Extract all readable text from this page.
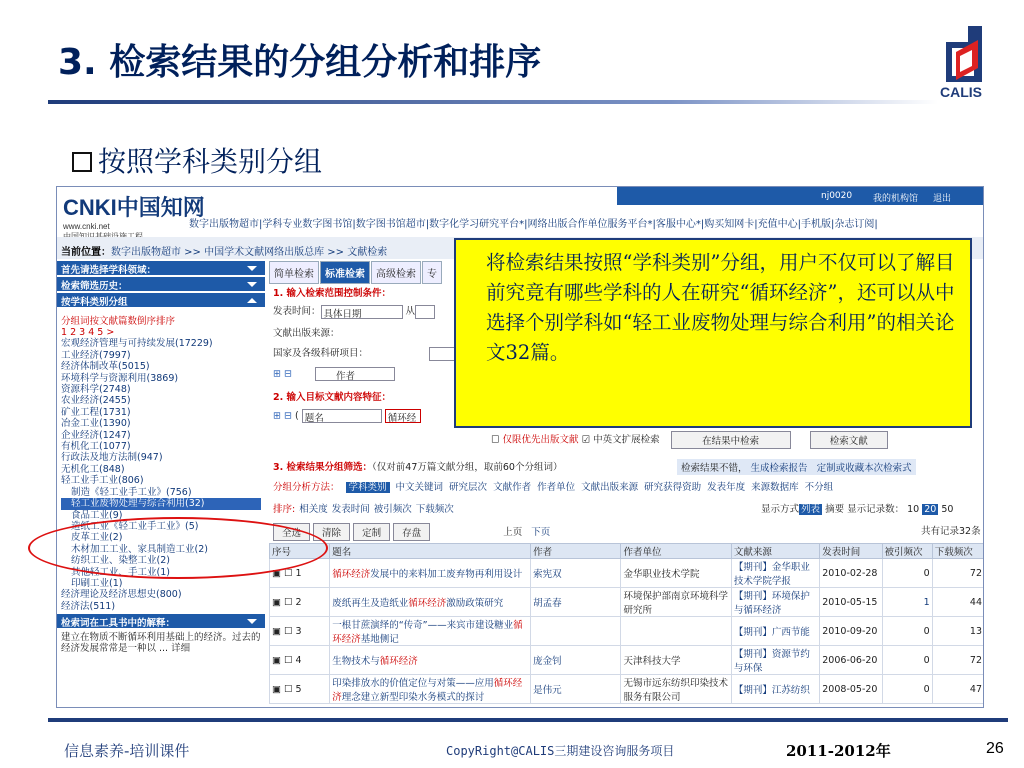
3. 检索结果的分组分析和排序
CALIS
按照学科类别分组
CNKI中国知网
www.cnki.net
nj0020 我的机构馆 退出
数字出版物超市|学科专业数字图书馆|数字图书馆超市|数字化学习研究平台*|网络出版合作单位服务平台*|客服中心*|购买知网卡|充值中心|手机版|杂志订阅|
当前位置：数字出版物超市 >> 中国学术文献网络出版总库 >> 文献检索
首先请选择学科领域：
检索筛选历史：
按学科类别分组
分组词按文献篇数倒序排序
1 2 3 4 5 >
宏观经济管理与可持续发展(17229)
工业经济(7997)
经济体制改革(5015)
环境科学与资源利用(3869)
资源科学(2748)
农业经济(2455)
矿业工程(1731)
冶金工业(1390)
企业经济(1247)
有机化工(1077)
行政法及地方法制(947)
无机化工(848)
轻工业手工业(806)
制造《轻工业手工业》(756)
轻工业废物处理与综合利用(32)
食品工业(9)
造纸工业《轻工业手工业》(5)
皮革工业(2)
木材加工工业、家具制造工业(2)
纺织工业、染整工业(2)
其他轻工业、手工业(1)
印刷工业(1)
经济理论及经济思想史(800)
经济法(511)
检索词在工具书中的解释：
建立在物质不断循环利用基础上的经济。过去的经济发展常常是一种以 ... 详细
简单检索 标准检索 高级检索 专
1. 输入检索范围控制条件：
发表时间： 具体日期	从
文献出版来源：
国家及各级科研项目：
⊞ ⊟	作者
2. 输入目标文献内容特征：
⊞ ⊟ ( 题名	循环经
☐ 仅限优先出版文献 ☑ 中英文扩展检索	在结果中检索	检索文献
3. 检索结果分组筛选：（仅对前47万篇文献分组，取前60个分组词）	检索结果不错， 生成检索报告 定制或收藏本次检索式
分组分析方法： 学科类别 中文关键词 研究层次 文献作者 作者单位 文献出版来源 研究获得资助 发表年度 来源数据库 不分组
排序: 相关度 发表时间 被引频次 下载频次	显示方式 列表 摘要 显示记录数： 10 20 50
全选 清除 定制 存盘	上页 下页	共有记录32条
序号	题名	作者	作者单位	文献来源	发表时间	被引频次	下载频次
▣ ☐ 1	循环经济发展中的来料加工废弃物再利用设计	索宪双	金华职业技术学院	【期刊】金华职业技术学院学报	2010-02-28	0	72
▣ ☐ 2	废纸再生及造纸业循环经济激励政策研究	胡孟春	环境保护部南京环境科学研究所	【期刊】环境保护与循环经济	2010-05-15	1	44
▣ ☐ 3	一根甘蔗演绎的“传奇”——来宾市建设糖业循环经济基地侧记			【期刊】广西节能	2010-09-20	0	13
▣ ☐ 4	生物技术与循环经济	庞金钊	天津科技大学	【期刊】资源节约与环保	2006-06-20	0	72
▣ ☐ 5	印染排放水的价值定位与对策——应用循环经济理念建立新型印染水务模式的探讨	是伟元	无锡市远东纺织印染技术服务有限公司	【期刊】江苏纺织	2008-05-20	0	47
将检索结果按照“学科类别”分组，用户不仅可以了解目前究竟有哪些学科的人在研究“循环经济”，还可以从中选择个别学科如“轻工业废物处理与综合利用”的相关论文32篇。
信息素养-培训课件	CopyRight@CALIS三期建设咨询服务项目	2011-2012年	26
